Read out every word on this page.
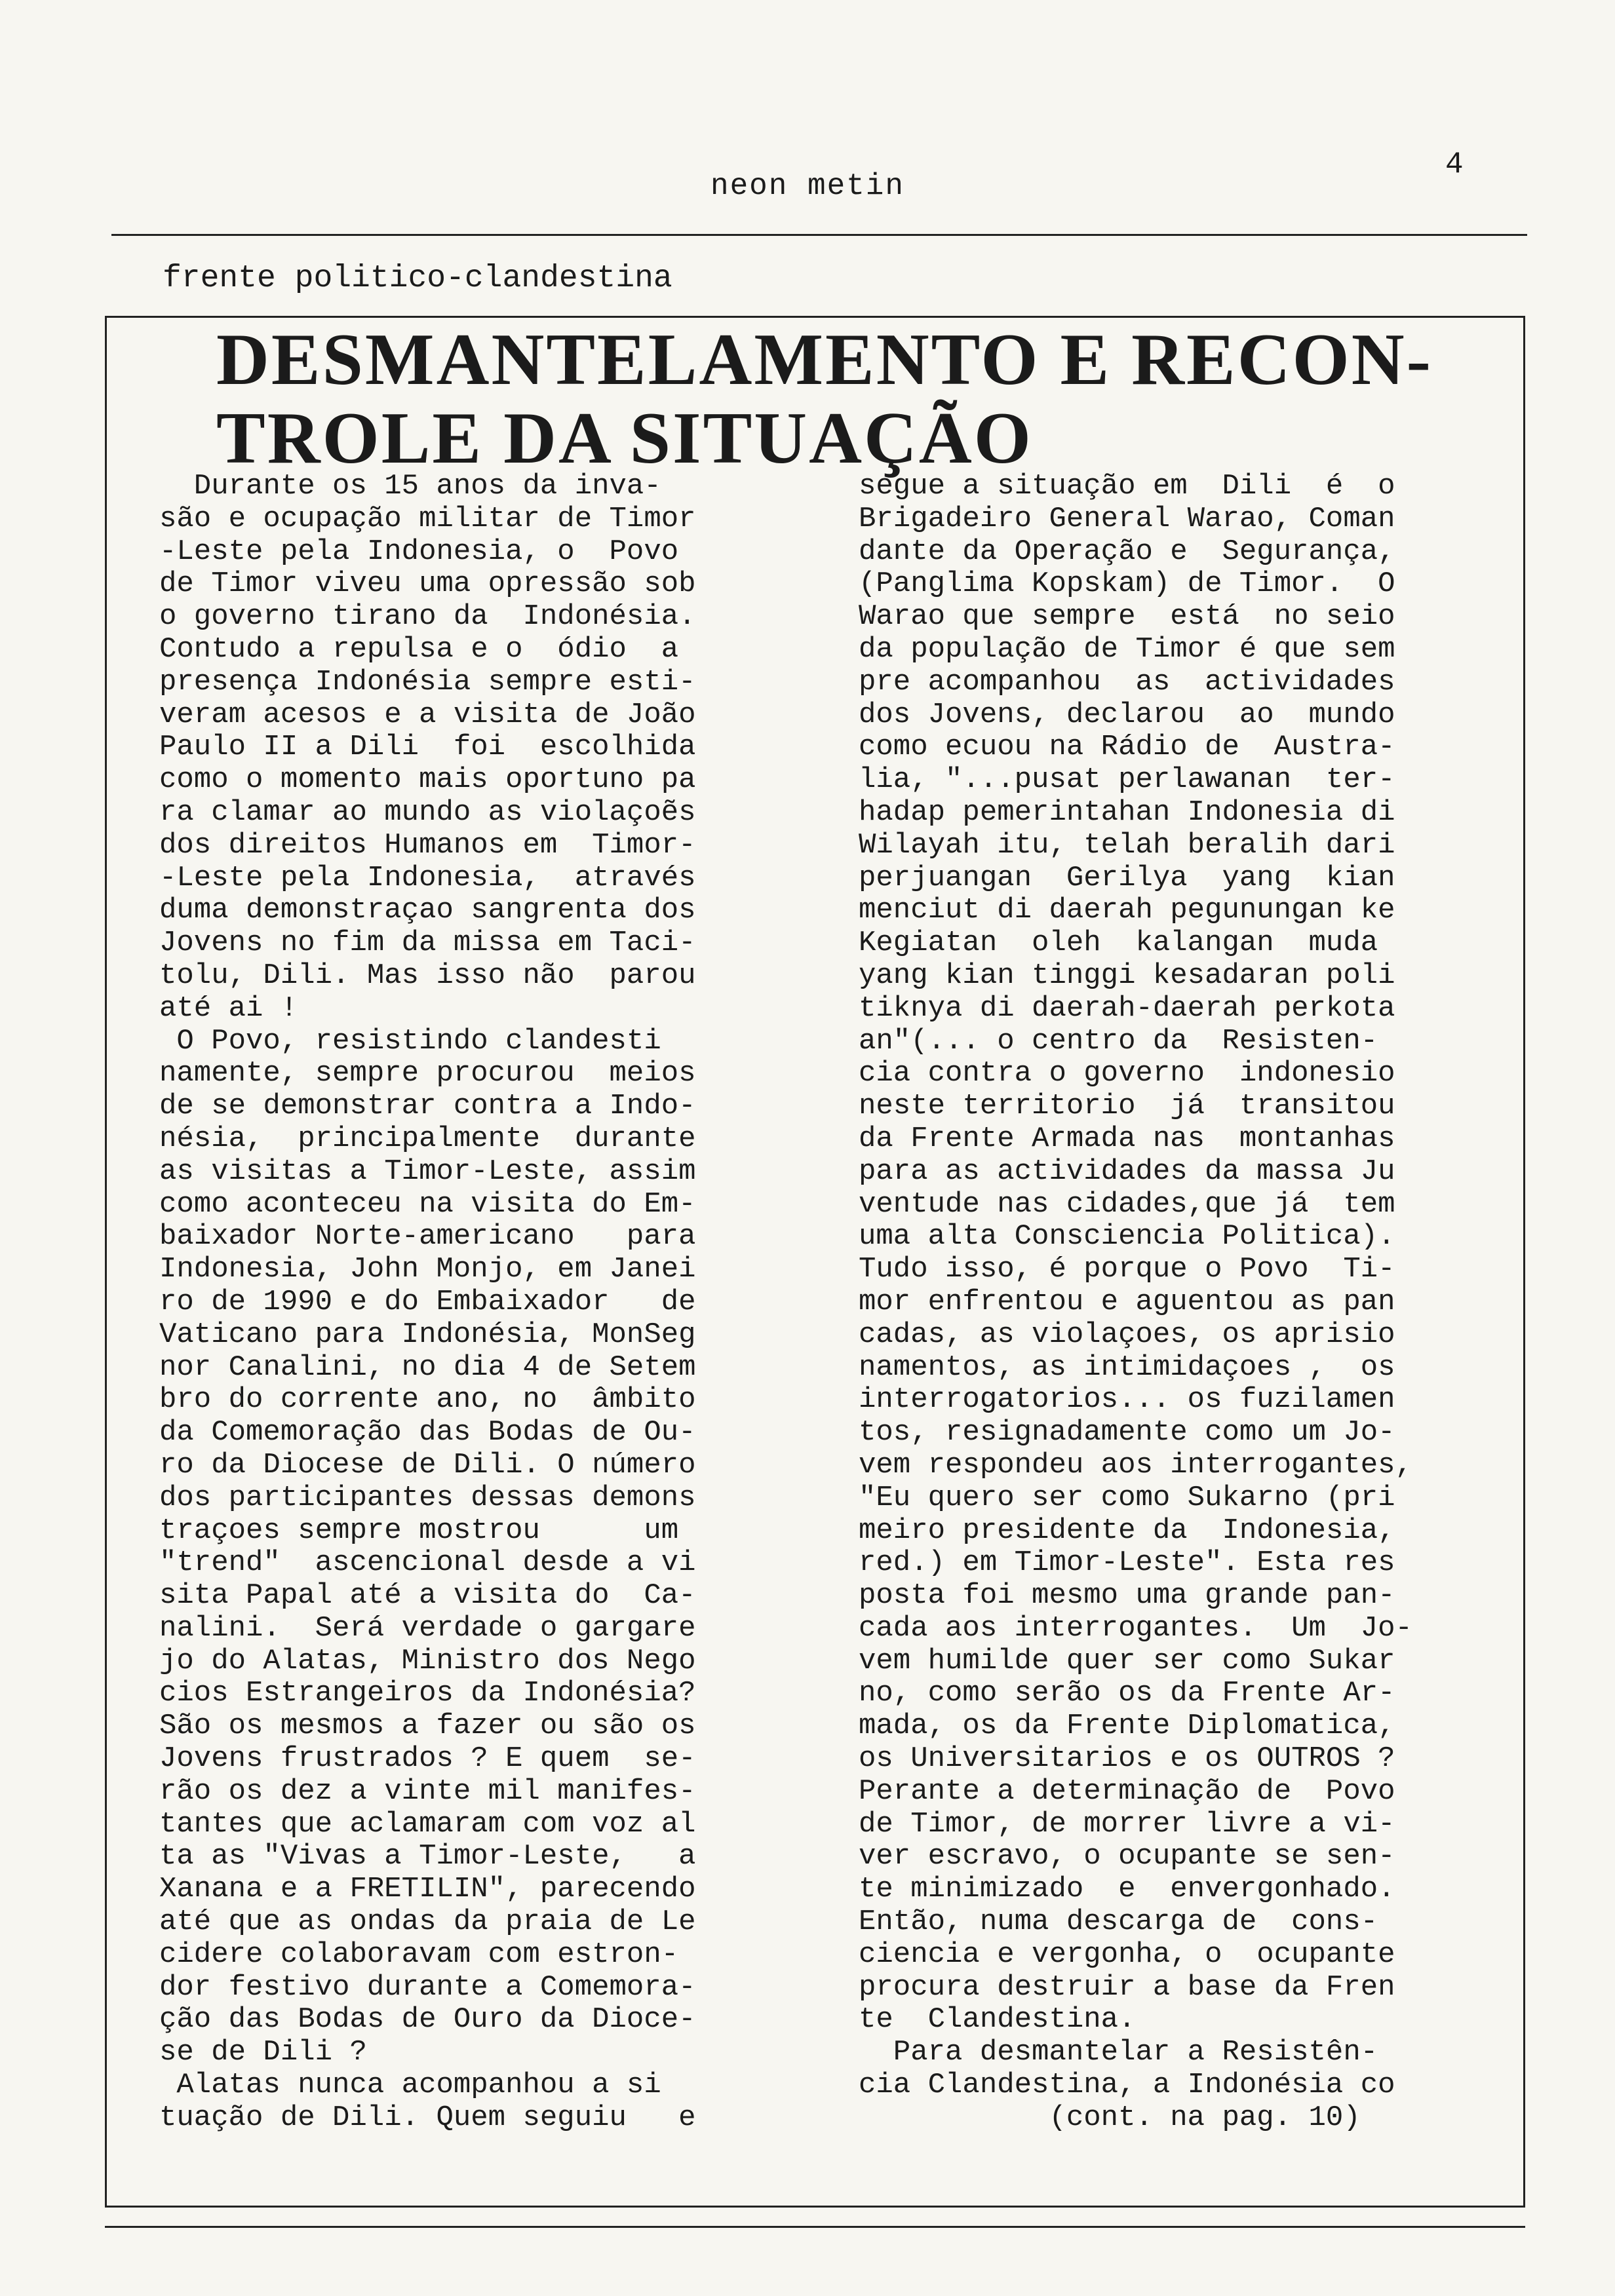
4
neon metin
frente politico-clandestina
DESMANTELAMENTO E RECON-
TROLE DA SITUAÇÃO
Durante os 15 anos da inva-
são e ocupação militar de Timor
-Leste pela Indonesia, o  Povo
de Timor viveu uma opressão sob
o governo tirano da  Indonésia.
Contudo a repulsa e o  ódio  a
presença Indonésia sempre esti-
veram acesos e a visita de João
Paulo II a Dili  foi  escolhida
como o momento mais oportuno pa
ra clamar ao mundo as violaçoẽs
dos direitos Humanos em  Timor-
-Leste pela Indonesia,  através
duma demonstraçao sangrenta dos
Jovens no fim da missa em Taci-
tolu, Dili. Mas isso não  parou
até ai !
O Povo, resistindo clandesti
namente, sempre procurou  meios
de se demonstrar contra a Indo-
nésia,  principalmente  durante
as visitas a Timor-Leste, assim
como aconteceu na visita do Em-
baixador Norte-americano   para
Indonesia, John Monjo, em Janei
ro de 1990 e do Embaixador   de
Vaticano para Indonésia, MonSeg
nor Canalini, no dia 4 de Setem
bro do corrente ano, no  âmbito
da Comemoração das Bodas de Ou-
ro da Diocese de Dili. O número
dos participantes dessas demons
traçoes sempre mostrou      um
"trend"  ascencional desde a vi
sita Papal até a visita do  Ca-
nalini.  Será verdade o gargare
jo do Alatas, Ministro dos Nego
cios Estrangeiros da Indonésia?
São os mesmos a fazer ou são os
Jovens frustrados ? E quem  se-
rão os dez a vinte mil manifes-
tantes que aclamaram com voz al
ta as "Vivas a Timor-Leste,   a
Xanana e a FRETILIN", parecendo
até que as ondas da praia de Le
cidere colaboravam com estron-
dor festivo durante a Comemora-
ção das Bodas de Ouro da Dioce-
se de Dili ?
Alatas nunca acompanhou a si
tuação de Dili. Quem seguiu   e
segue a situação em  Dili  é  o
Brigadeiro General Warao, Coman
dante da Operação e  Segurança,
(Panglima Kopskam) de Timor.  O
Warao que sempre  está  no seio
da população de Timor é que sem
pre acompanhou  as  actividades
dos Jovens, declarou  ao  mundo
como ecuou na Rádio de  Austra-
lia, "...pusat perlawanan  ter-
hadap pemerintahan Indonesia di
Wilayah itu, telah beralih dari
perjuangan  Gerilya  yang  kian
menciut di daerah pegunungan ke
Kegiatan  oleh  kalangan  muda
yang kian tinggi kesadaran poli
tiknya di daerah-daerah perkota
an"(... o centro da  Resisten-
cia contra o governo  indonesio
neste territorio  já  transitou
da Frente Armada nas  montanhas
para as actividades da massa Ju
ventude nas cidades,que já  tem
uma alta Consciencia Politica).
Tudo isso, é porque o Povo  Ti-
mor enfrentou e aguentou as pan
cadas, as violaçoes, os aprisio
namentos, as intimidaçoes ,  os
interrogatorios... os fuzilamen
tos, resignadamente como um Jo-
vem respondeu aos interrogantes,
"Eu quero ser como Sukarno (pri
meiro presidente da  Indonesia,
red.) em Timor-Leste". Esta res
posta foi mesmo uma grande pan-
cada aos interrogantes.  Um  Jo-
vem humilde quer ser como Sukar
no, como serão os da Frente Ar-
mada, os da Frente Diplomatica,
os Universitarios e os OUTROS ?
Perante a determinação de  Povo
de Timor, de morrer livre a vi-
ver escravo, o ocupante se sen-
te minimizado  e  envergonhado.
Então, numa descarga de  cons-
ciencia e vergonha, o  ocupante
procura destruir a base da Fren
te  Clandestina.
Para desmantelar a Resistên-
cia Clandestina, a Indonésia co
(cont. na pag. 10)
